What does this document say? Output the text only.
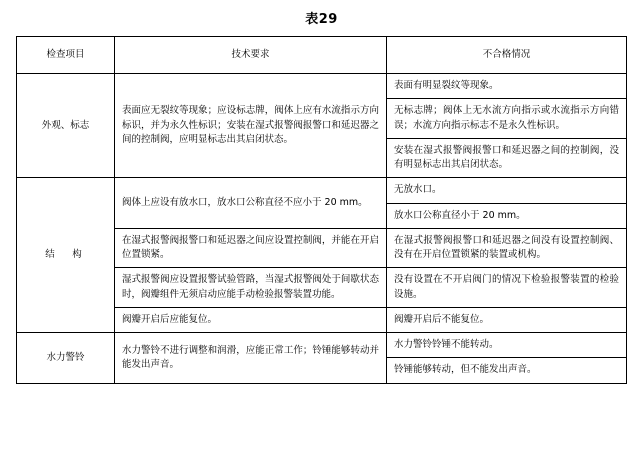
表29
检查项目	技术要求	不合格情况
外观、标志	表面应无裂纹等现象；应设标志牌，阀体上应有水流指示方向标识，并为永久性标识；安装在湿式报警阀报警口和延迟器之间的控制阀，应明显标志出其启闭状态。	表面有明显裂纹等现象。

		无标志牌；阀体上无水流方向指示或水流指示方向错误；水流方向指示标志不是永久性标识。

		安装在湿式报警阀报警口和延迟器之间的控制阀，没有明显标志出其启闭状态。

结　构	阀体上应设有放水口，放水口公称直径不应小于 20 mm。	无放水口。

		放水口公称直径小于 20 mm。

	在湿式报警阀报警口和延迟器之间应设置控制阀，并能在开启位置锁紧。	在湿式报警阀报警口和延迟器之间没有设置控制阀、没有在开启位置锁紧的装置或机构。

	湿式报警阀应设置报警试验管路，当湿式报警阀处于间歇状态时，阀瓣组件无须启动应能手动检验报警装置功能。	没有设置在不开启阀门的情况下检验报警装置的检验设施。

	阀瓣开启后应能复位。	阀瓣开启后不能复位。

水力警铃	水力警铃不进行调整和润滑，应能正常工作；铃锤能够转动并能发出声音。	水力警铃铃锤不能转动。

		铃锤能够转动，但不能发出声音。
